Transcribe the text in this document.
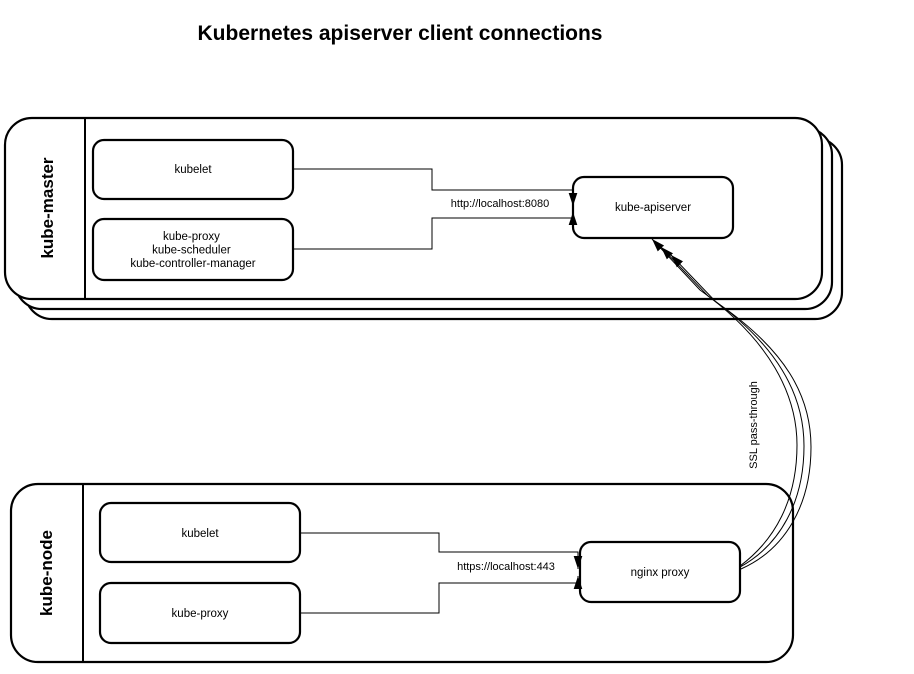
Kubernetes apiserver client connections
kube-master	kubelet
kube-proxy kube-scheduler kube-controller-manager
kube-apiserver
http://localhost:8080
kube-node	kubelet
kube-proxy
nginx proxy
https://localhost:443
SSL pass-through
